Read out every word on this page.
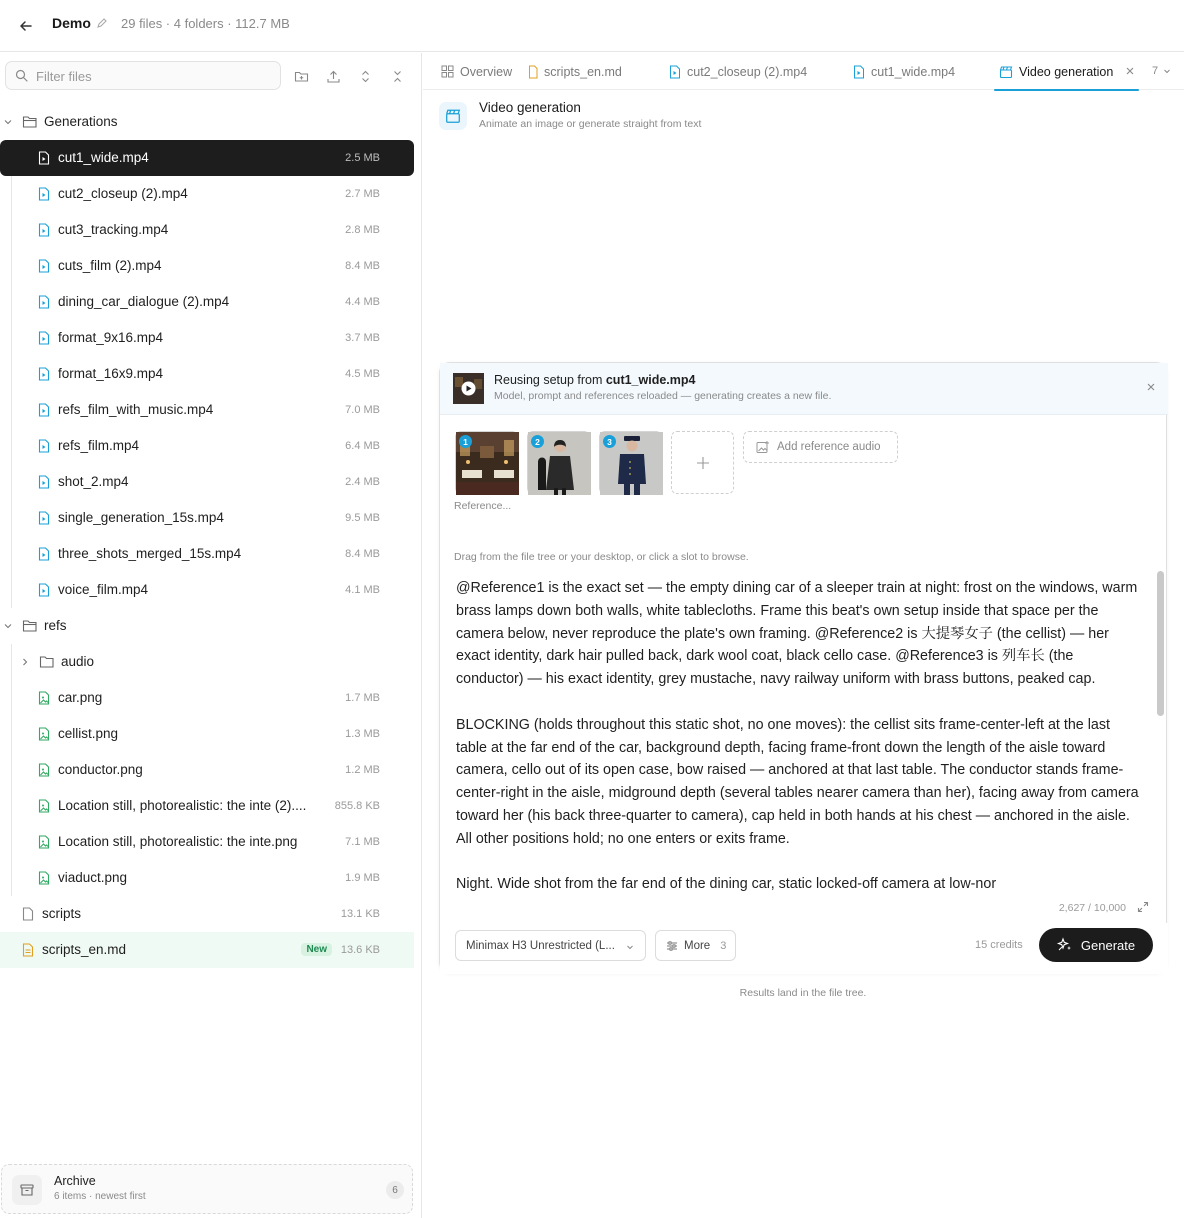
Demo 29 files · 4 folders · 112.7 MB
Filter files
Generations
cut1_wide.mp4	2.5 MB
cut2_closeup (2).mp4	2.7 MB
cut3_tracking.mp4	2.8 MB
cuts_film (2).mp4	8.4 MB
dining_car_dialogue (2).mp4	4.4 MB
format_9x16.mp4	3.7 MB
format_16x9.mp4	4.5 MB
refs_film_with_music.mp4	7.0 MB
refs_film.mp4	6.4 MB
shot_2.mp4	2.4 MB
single_generation_15s.mp4	9.5 MB
three_shots_merged_15s.mp4	8.4 MB
voice_film.mp4	4.1 MB
refs
audio
car.png	1.7 MB
cellist.png	1.3 MB
conductor.png	1.2 MB
Location still, photorealistic: the inte (2)....	855.8 KB
Location still, photorealistic: the inte.png	7.1 MB
viaduct.png	1.9 MB
scripts	13.1 KB
scripts_en.md	New	13.6 KB
Archive
6 items · newest first
6
Overview	scripts_en.md	cut2_closeup (2).mp4	cut1_wide.mp4	Video generation	7
Video generation
Animate an image or generate straight from text
Reusing setup from cut1_wide.mp4
Model, prompt and references reloaded — generating creates a new file.
1	2	3	Add reference audio
Reference...
Drag from the file tree or your desktop, or click a slot to browse.
@Reference1 is the exact set — the empty dining car of a sleeper train at night: frost on the windows, warm brass lamps down both walls, white tablecloths. Frame this beat's own setup inside that space per the camera below, never reproduce the plate's own framing. @Reference2 is 大提琴女子 (the cellist) — her exact identity, dark hair pulled back, dark wool coat, black cello case. @Reference3 is 列车长 (the conductor) — his exact identity, grey mustache, navy railway uniform with brass buttons, peaked cap.

BLOCKING (holds throughout this static shot, no one moves): the cellist sits frame-center-left at the last table at the far end of the car, background depth, facing frame-front down the length of the aisle toward camera, cello out of its open case, bow raised — anchored at that last table. The conductor stands frame-center-right in the aisle, midground depth (several tables nearer camera than her), facing away from camera toward her (his back three-quarter to camera), cap held in both hands at his chest — anchored in the aisle. All other positions hold; no one enters or exits frame.

Night. Wide shot from the far end of the dining car, static locked-off camera at low-nor
2,627 / 10,000
Minimax H3 Unrestricted (L...	More 3	15 credits	Generate
Results land in the file tree.
